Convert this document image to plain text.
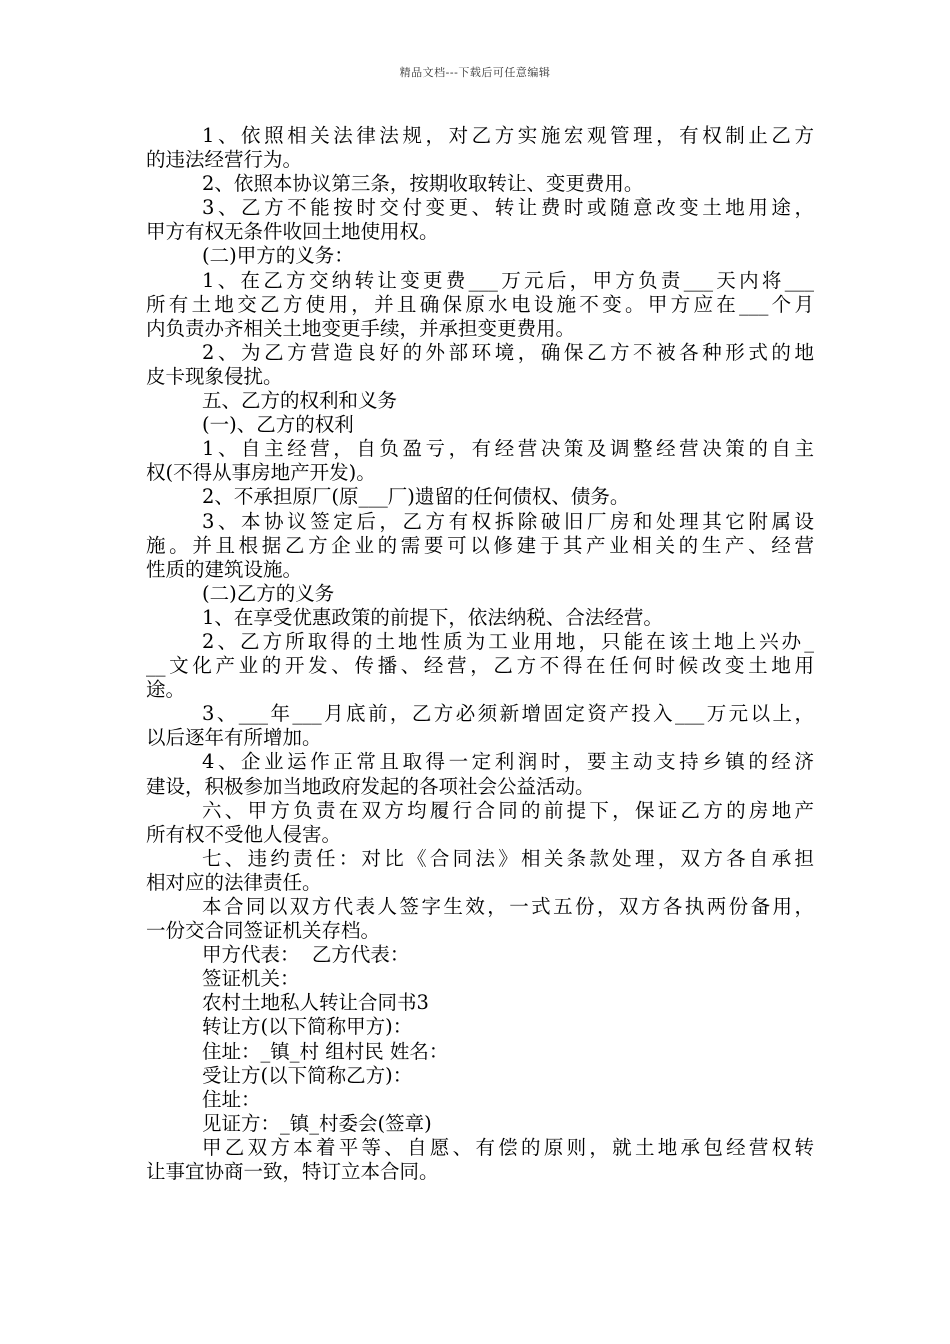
精品文档---下载后可任意编辑
1、依照相关法律法规，对乙方实施宏观管理，有权制止乙方
的违法经营行为。
2、依照本协议第三条，按期收取转让、变更费用。
3、乙方不能按时交付变更、转让费时或随意改变土地用途，
甲方有权无条件收回土地使用权。
(二)甲方的义务：
1、在乙方交纳转让变更费___万元后，甲方负责___天内将___
所有土地交乙方使用，并且确保原水电设施不变。甲方应在___个月
内负责办齐相关土地变更手续，并承担变更费用。
2、为乙方营造良好的外部环境，确保乙方不被各种形式的地
皮卡现象侵扰。
五、乙方的权利和义务
(一)、乙方的权利
1、自主经营，自负盈亏，有经营决策及调整经营决策的自主
权(不得从事房地产开发)。
2、不承担原厂(原___厂)遗留的任何债权、债务。
3、本协议签定后，乙方有权拆除破旧厂房和处理其它附属设
施。并且根据乙方企业的需要可以修建于其产业相关的生产、经营
性质的建筑设施。
(二)乙方的义务
1、在享受优惠政策的前提下，依法纳税、合法经营。
2、乙方所取得的土地性质为工业用地，只能在该土地上兴办_
__文化产业的开发、传播、经营，乙方不得在任何时候改变土地用
途。
3、___年___月底前，乙方必须新增固定资产投入___万元以上，
以后逐年有所增加。
4、企业运作正常且取得一定利润时，要主动支持乡镇的经济
建设，积极参加当地政府发起的各项社会公益活动。
六、甲方负责在双方均履行合同的前提下，保证乙方的房地产
所有权不受他人侵害。
七、违约责任：对比《合同法》相关条款处理，双方各自承担
相对应的法律责任。
本合同以双方代表人签字生效，一式五份，双方各执两份备用，
一份交合同签证机关存档。
甲方代表：  乙方代表：
签证机关：
农村土地私人转让合同书3
转让方(以下简称甲方)：
住址：_镇_村 组村民 姓名：
受让方(以下简称乙方)：
住址：
见证方：_镇_村委会(签章)
甲乙双方本着平等、自愿、有偿的原则，就土地承包经营权转
让事宜协商一致，特订立本合同。
